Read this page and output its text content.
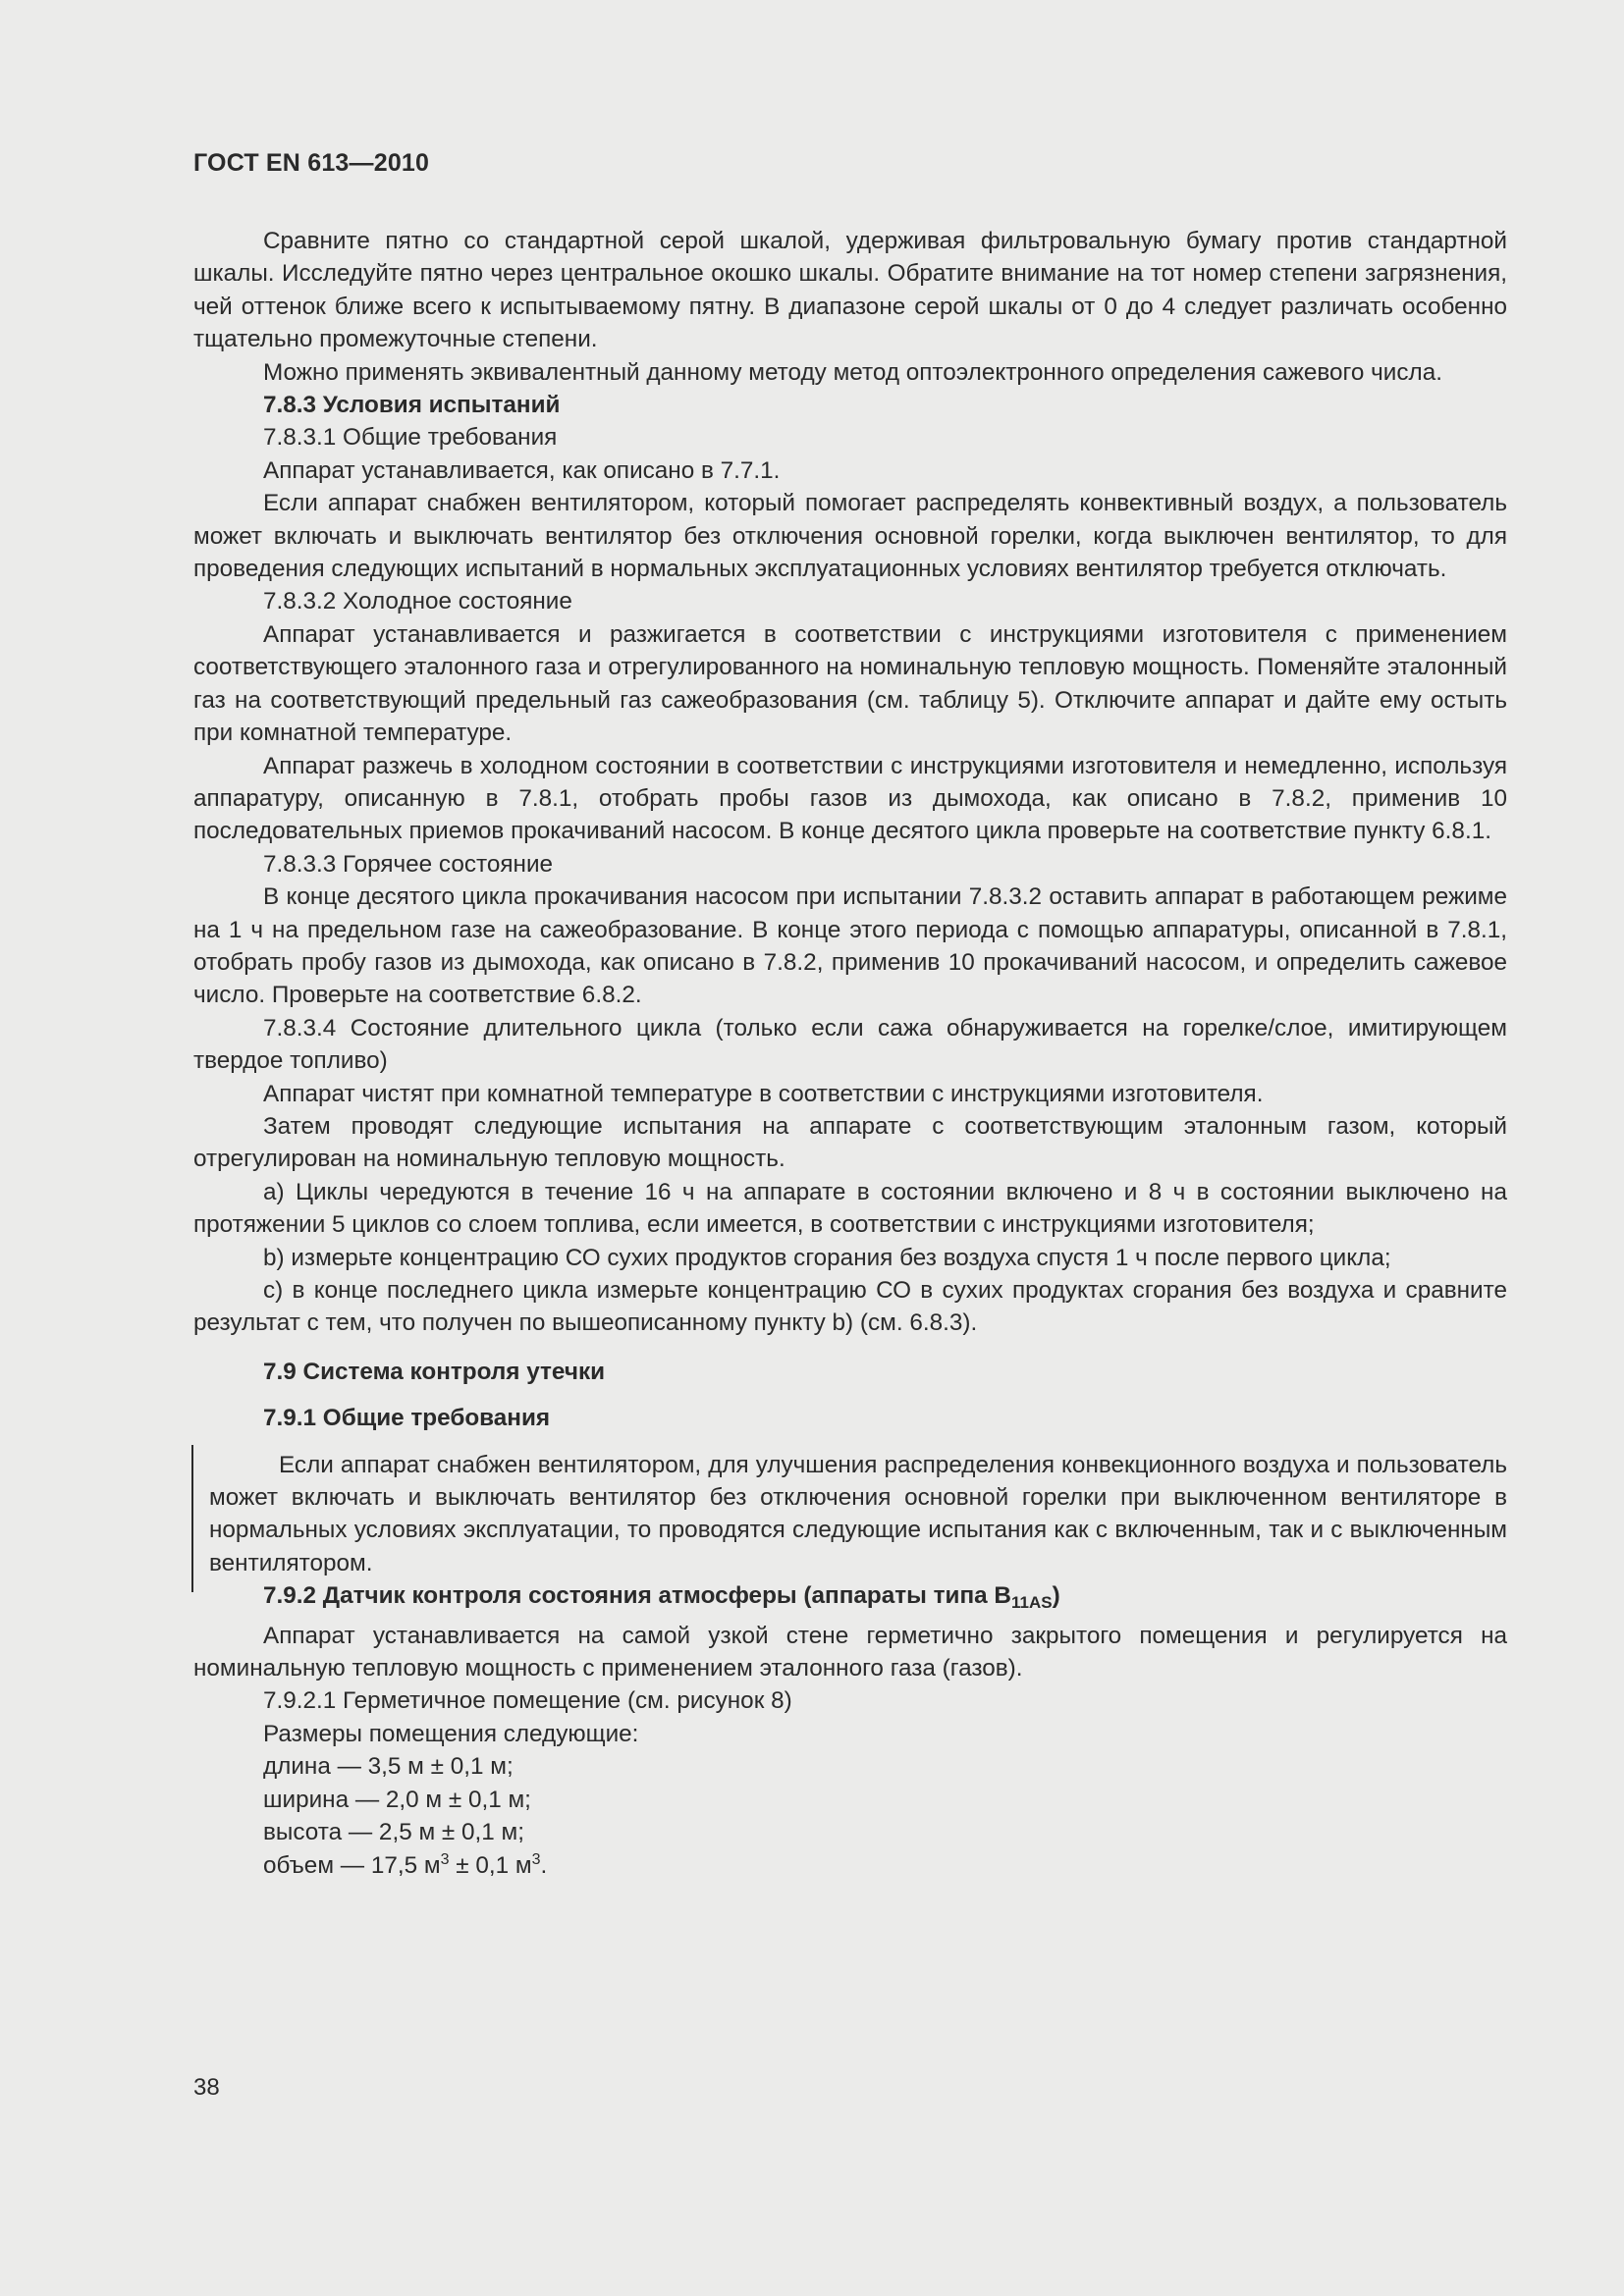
ГОСТ EN 613—2010

Сравните пятно со стандартной серой шкалой, удерживая фильтровальную бумагу против стандартной шкалы. Исследуйте пятно через центральное окошко шкалы. Обратите внимание на тот номер степени загрязнения, чей оттенок ближе всего к испытываемому пятну. В диапазоне серой шкалы от 0 до 4 следует различать особенно тщательно промежуточные степени.

Можно применять эквивалентный данному методу метод оптоэлектронного определения сажевого числа.

7.8.3 Условия испытаний

7.8.3.1 Общие требования

Аппарат устанавливается, как описано в 7.7.1.

Если аппарат снабжен вентилятором, который помогает распределять конвективный воздух, а пользователь может включать и выключать вентилятор без отключения основной горелки, когда выключен вентилятор, то для проведения следующих испытаний в нормальных эксплуатационных условиях вентилятор требуется отключать.

7.8.3.2 Холодное состояние

Аппарат устанавливается и разжигается в соответствии с инструкциями изготовителя с применением соответствующего эталонного газа и отрегулированного на номинальную тепловую мощность. Поменяйте эталонный газ на соответствующий предельный газ сажеобразования (см. таблицу 5). Отключите аппарат и дайте ему остыть при комнатной температуре.

Аппарат разжечь в холодном состоянии в соответствии с инструкциями изготовителя и немедленно, используя аппаратуру, описанную в 7.8.1, отобрать пробы газов из дымохода, как описано в 7.8.2, применив 10 последовательных приемов прокачиваний насосом. В конце десятого цикла проверьте на соответствие пункту 6.8.1.

7.8.3.3 Горячее состояние

В конце десятого цикла прокачивания насосом при испытании 7.8.3.2 оставить аппарат в работающем режиме на 1 ч на предельном газе на сажеобразование. В конце этого периода с помощью аппаратуры, описанной в 7.8.1, отобрать пробу газов из дымохода, как описано в 7.8.2, применив 10 прокачиваний насосом, и определить сажевое число. Проверьте на соответствие 6.8.2.

7.8.3.4 Состояние длительного цикла (только если сажа обнаруживается на горелке/слое, имитирующем твердое топливо)

Аппарат чистят при комнатной температуре в соответствии с инструкциями изготовителя.

Затем проводят следующие испытания на аппарате с соответствующим эталонным газом, который отрегулирован на номинальную тепловую мощность.

а) Циклы чередуются в течение 16 ч на аппарате в состоянии включено и 8 ч в состоянии выключено на протяжении 5 циклов со слоем топлива, если имеется, в соответствии с инструкциями изготовителя;

b) измерьте концентрацию СО сухих продуктов сгорания без воздуха спустя 1 ч после первого цикла;

c) в конце последнего цикла измерьте концентрацию СО в сухих продуктах сгорания без воздуха и сравните результат с тем, что получен по вышеописанному пункту b) (см. 6.8.3).

7.9 Система контроля утечки

7.9.1 Общие требования

Если аппарат снабжен вентилятором, для улучшения распределения конвекционного воздуха и пользователь может включать и выключать вентилятор без отключения основной горелки при выключенном вентиляторе в нормальных условиях эксплуатации, то проводятся следующие испытания как с включенным, так и с выключенным вентилятором.

7.9.2 Датчик контроля состояния атмосферы (аппараты типа $В_{11AS}$)

Аппарат устанавливается на самой узкой стене герметично закрытого помещения и регулируется на номинальную тепловую мощность с применением эталонного газа (газов).

7.9.2.1 Герметичное помещение (см. рисунок 8)

Размеры помещения следующие:

длина — 3,5 м ± 0,1 м;

ширина — 2,0 м ± 0,1 м;

высота — 2,5 м ± 0,1 м;

объем — 17,5 $м^3 \pm 0,1$ $м^3$.

38
